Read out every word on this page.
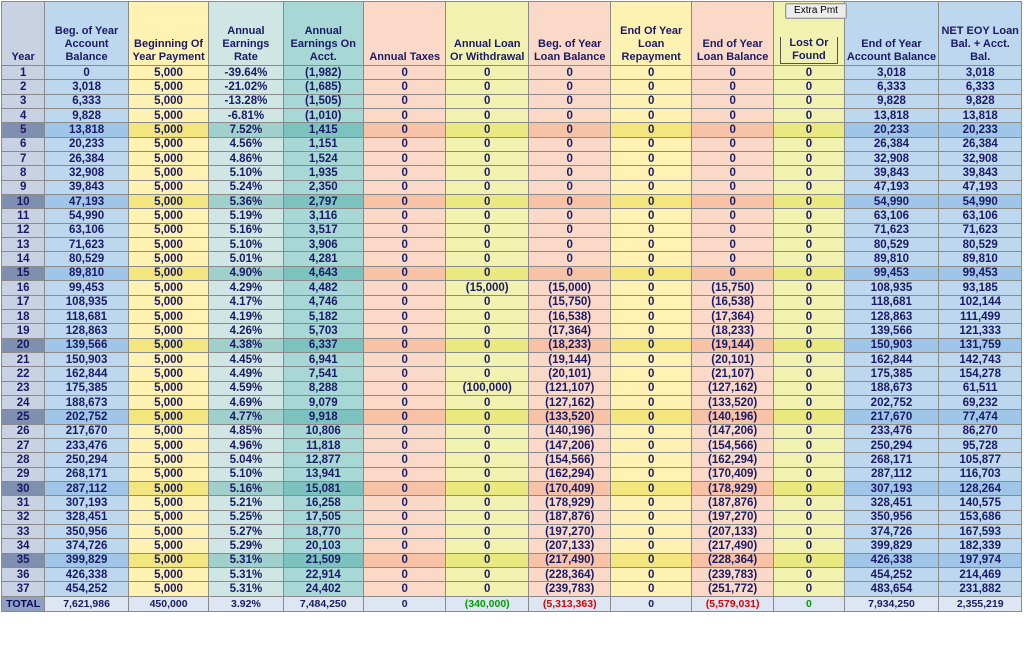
Year	Beg. of Year Account Balance	Beginning Of Year Payment	Annual Earnings Rate	Annual Earnings On Acct.	Annual Taxes	Annual Loan Or Withdrawal	Beg. of Year Loan Balance	End Of Year Loan Repayment	End of Year Loan Balance	Lost Or Found	End of Year Account Balance	NET EOY Loan Bal. + Acct. Bal.
1	0	5,000	-39.64%	(1,982)	0	0	0	0	0	0	3,018	3,018
2	3,018	5,000	-21.02%	(1,685)	0	0	0	0	0	0	6,333	6,333
3	6,333	5,000	-13.28%	(1,505)	0	0	0	0	0	0	9,828	9,828
4	9,828	5,000	-6.81%	(1,010)	0	0	0	0	0	0	13,818	13,818
5	13,818	5,000	7.52%	1,415	0	0	0	0	0	0	20,233	20,233
6	20,233	5,000	4.56%	1,151	0	0	0	0	0	0	26,384	26,384
7	26,384	5,000	4.86%	1,524	0	0	0	0	0	0	32,908	32,908
8	32,908	5,000	5.10%	1,935	0	0	0	0	0	0	39,843	39,843
9	39,843	5,000	5.24%	2,350	0	0	0	0	0	0	47,193	47,193
10	47,193	5,000	5.36%	2,797	0	0	0	0	0	0	54,990	54,990
11	54,990	5,000	5.19%	3,116	0	0	0	0	0	0	63,106	63,106
12	63,106	5,000	5.16%	3,517	0	0	0	0	0	0	71,623	71,623
13	71,623	5,000	5.10%	3,906	0	0	0	0	0	0	80,529	80,529
14	80,529	5,000	5.01%	4,281	0	0	0	0	0	0	89,810	89,810
15	89,810	5,000	4.90%	4,643	0	0	0	0	0	0	99,453	99,453
16	99,453	5,000	4.29%	4,482	0	(15,000)	(15,000)	0	(15,750)	0	108,935	93,185
17	108,935	5,000	4.17%	4,746	0	0	(15,750)	0	(16,538)	0	118,681	102,144
18	118,681	5,000	4.19%	5,182	0	0	(16,538)	0	(17,364)	0	128,863	111,499
19	128,863	5,000	4.26%	5,703	0	0	(17,364)	0	(18,233)	0	139,566	121,333
20	139,566	5,000	4.38%	6,337	0	0	(18,233)	0	(19,144)	0	150,903	131,759
21	150,903	5,000	4.45%	6,941	0	0	(19,144)	0	(20,101)	0	162,844	142,743
22	162,844	5,000	4.49%	7,541	0	0	(20,101)	0	(21,107)	0	175,385	154,278
23	175,385	5,000	4.59%	8,288	0	(100,000)	(121,107)	0	(127,162)	0	188,673	61,511
24	188,673	5,000	4.69%	9,079	0	0	(127,162)	0	(133,520)	0	202,752	69,232
25	202,752	5,000	4.77%	9,918	0	0	(133,520)	0	(140,196)	0	217,670	77,474
26	217,670	5,000	4.85%	10,806	0	0	(140,196)	0	(147,206)	0	233,476	86,270
27	233,476	5,000	4.96%	11,818	0	0	(147,206)	0	(154,566)	0	250,294	95,728
28	250,294	5,000	5.04%	12,877	0	0	(154,566)	0	(162,294)	0	268,171	105,877
29	268,171	5,000	5.10%	13,941	0	0	(162,294)	0	(170,409)	0	287,112	116,703
30	287,112	5,000	5.16%	15,081	0	0	(170,409)	0	(178,929)	0	307,193	128,264
31	307,193	5,000	5.21%	16,258	0	0	(178,929)	0	(187,876)	0	328,451	140,575
32	328,451	5,000	5.25%	17,505	0	0	(187,876)	0	(197,270)	0	350,956	153,686
33	350,956	5,000	5.27%	18,770	0	0	(197,270)	0	(207,133)	0	374,726	167,593
34	374,726	5,000	5.29%	20,103	0	0	(207,133)	0	(217,490)	0	399,829	182,339
35	399,829	5,000	5.31%	21,509	0	0	(217,490)	0	(228,364)	0	426,338	197,974
36	426,338	5,000	5.31%	22,914	0	0	(228,364)	0	(239,783)	0	454,252	214,469
37	454,252	5,000	5.31%	24,402	0	0	(239,783)	0	(251,772)	0	483,654	231,882
TOTAL	7,621,986	450,000	3.92%	7,484,250	0	(340,000)	(5,313,363)	0	(5,579,031)	0	7,934,250	2,355,219
Extra Pmt
